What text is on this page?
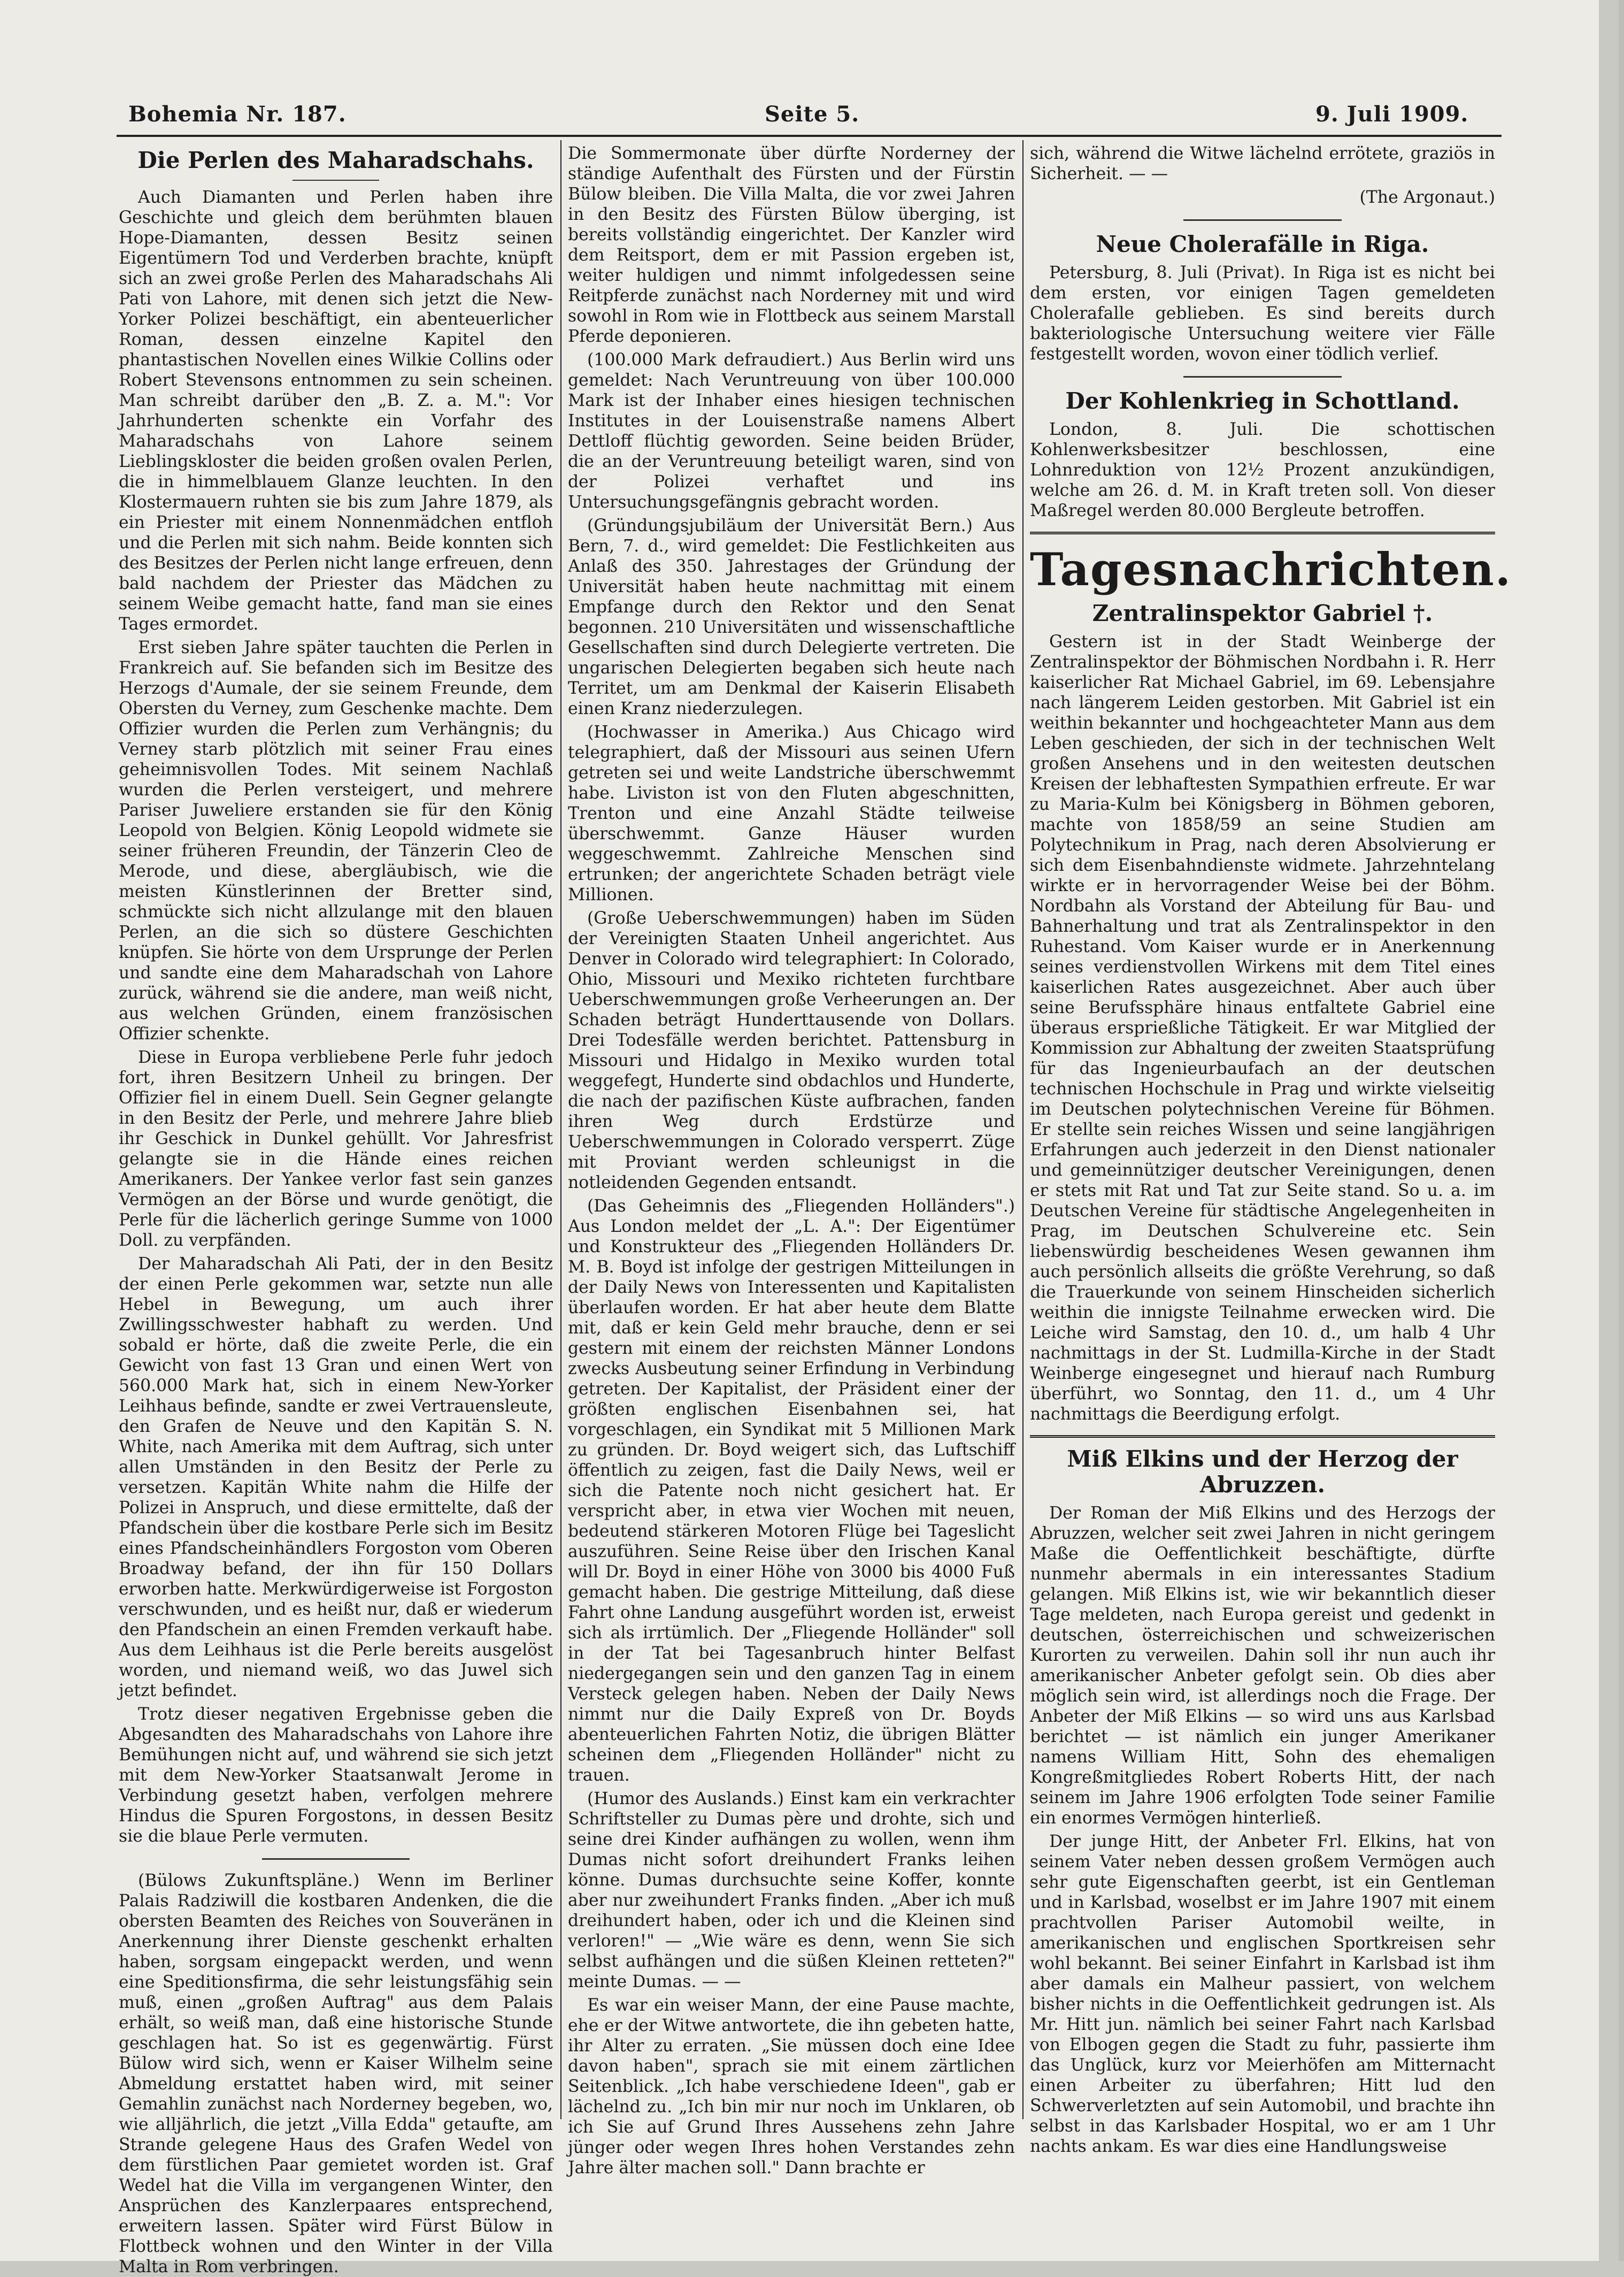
Bohemia Nr. 187.	Seite 5.	9. Juli 1909.
Die Perlen des Maharadschahs.

Auch Diamanten und Perlen haben ihre Geschichte und gleich dem berühmten blauen Hope-Diamanten, dessen Besitz seinen Eigentümern Tod und Verderben brachte, knüpft sich an zwei große Perlen des Maharadschahs Ali Pati von Lahore, mit denen sich jetzt die New-Yorker Polizei beschäftigt, ein abenteuerlicher Roman, dessen einzelne Kapitel den phantastischen Novellen eines Wilkie Collins oder Robert Stevensons entnommen zu sein scheinen. Man schreibt darüber den „B. Z. a. M.": Vor Jahrhunderten schenkte ein Vorfahr des Maharadschahs von Lahore seinem Lieblingskloster die beiden großen ovalen Perlen, die in himmelblauem Glanze leuchten. In den Klostermauern ruhten sie bis zum Jahre 1879, als ein Priester mit einem Nonnenmädchen entfloh und die Perlen mit sich nahm. Beide konnten sich des Besitzes der Perlen nicht lange erfreuen, denn bald nachdem der Priester das Mädchen zu seinem Weibe gemacht hatte, fand man sie eines Tages ermordet.

Erst sieben Jahre später tauchten die Perlen in Frankreich auf. Sie befanden sich im Besitze des Herzogs d'Aumale, der sie seinem Freunde, dem Obersten du Verney, zum Geschenke machte. Dem Offizier wurden die Perlen zum Verhängnis; du Verney starb plötzlich mit seiner Frau eines geheimnisvollen Todes. Mit seinem Nachlaß wurden die Perlen versteigert, und mehrere Pariser Juweliere erstanden sie für den König Leopold von Belgien. König Leopold widmete sie seiner früheren Freundin, der Tänzerin Cleo de Merode, und diese, abergläubisch, wie die meisten Künstlerinnen der Bretter sind, schmückte sich nicht allzulange mit den blauen Perlen, an die sich so düstere Geschichten knüpfen. Sie hörte von dem Ursprunge der Perlen und sandte eine dem Maharadschah von Lahore zurück, während sie die andere, man weiß nicht, aus welchen Gründen, einem französischen Offizier schenkte.

Diese in Europa verbliebene Perle fuhr jedoch fort, ihren Besitzern Unheil zu bringen. Der Offizier fiel in einem Duell. Sein Gegner gelangte in den Besitz der Perle, und mehrere Jahre blieb ihr Geschick in Dunkel gehüllt. Vor Jahresfrist gelangte sie in die Hände eines reichen Amerikaners. Der Yankee verlor fast sein ganzes Vermögen an der Börse und wurde genötigt, die Perle für die lächerlich geringe Summe von 1000 Doll. zu verpfänden.

Der Maharadschah Ali Pati, der in den Besitz der einen Perle gekommen war, setzte nun alle Hebel in Bewegung, um auch ihrer Zwillingsschwester habhaft zu werden. Und sobald er hörte, daß die zweite Perle, die ein Gewicht von fast 13 Gran und einen Wert von 560.000 Mark hat, sich in einem New-Yorker Leihhaus befinde, sandte er zwei Vertrauensleute, den Grafen de Neuve und den Kapitän S. N. White, nach Amerika mit dem Auftrag, sich unter allen Umständen in den Besitz der Perle zu versetzen. Kapitän White nahm die Hilfe der Polizei in Anspruch, und diese ermittelte, daß der Pfandschein über die kostbare Perle sich im Besitz eines Pfandscheinhändlers Forgoston vom Oberen Broadway befand, der ihn für 150 Dollars erworben hatte. Merkwürdigerweise ist Forgoston verschwunden, und es heißt nur, daß er wiederum den Pfandschein an einen Fremden verkauft habe. Aus dem Leihhaus ist die Perle bereits ausgelöst worden, und niemand weiß, wo das Juwel sich jetzt befindet.

Trotz dieser negativen Ergebnisse geben die Abgesandten des Maharadschahs von Lahore ihre Bemühungen nicht auf, und während sie sich jetzt mit dem New-Yorker Staatsanwalt Jerome in Verbindung gesetzt haben, verfolgen mehrere Hindus die Spuren Forgostons, in dessen Besitz sie die blaue Perle vermuten.

(Bülows Zukunftspläne.) Wenn im Berliner Palais Radziwill die kostbaren Andenken, die die obersten Beamten des Reiches von Souveränen in Anerkennung ihrer Dienste geschenkt erhalten haben, sorgsam eingepackt werden, und wenn eine Speditionsfirma, die sehr leistungsfähig sein muß, einen „großen Auftrag" aus dem Palais erhält, so weiß man, daß eine historische Stunde geschlagen hat. So ist es gegenwärtig. Fürst Bülow wird sich, wenn er Kaiser Wilhelm seine Abmeldung erstattet haben wird, mit seiner Gemahlin zunächst nach Norderney begeben, wo, wie alljährlich, die jetzt „Villa Edda" getaufte, am Strande gelegene Haus des Grafen Wedel von dem fürstlichen Paar gemietet worden ist. Graf Wedel hat die Villa im vergangenen Winter, den Ansprüchen des Kanzlerpaares entsprechend, erweitern lassen. Später wird Fürst Bülow in Flottbeck wohnen und den Winter in der Villa Malta in Rom verbringen.

Die Sommermonate über dürfte Norderney der ständige Aufenthalt des Fürsten und der Fürstin Bülow bleiben. Die Villa Malta, die vor zwei Jahren in den Besitz des Fürsten Bülow überging, ist bereits vollständig eingerichtet. Der Kanzler wird dem Reitsport, dem er mit Passion ergeben ist, weiter huldigen und nimmt infolgedessen seine Reitpferde zunächst nach Norderney mit und wird sowohl in Rom wie in Flottbeck aus seinem Marstall Pferde deponieren.

(100.000 Mark defraudiert.) Aus Berlin wird uns gemeldet: Nach Veruntreuung von über 100.000 Mark ist der Inhaber eines hiesigen technischen Institutes in der Louisenstraße namens Albert Dettloff flüchtig geworden. Seine beiden Brüder, die an der Veruntreuung beteiligt waren, sind von der Polizei verhaftet und ins Untersuchungsgefängnis gebracht worden.

(Gründungsjubiläum der Universität Bern.) Aus Bern, 7. d., wird gemeldet: Die Festlichkeiten aus Anlaß des 350. Jahrestages der Gründung der Universität haben heute nachmittag mit einem Empfange durch den Rektor und den Senat begonnen. 210 Universitäten und wissenschaftliche Gesellschaften sind durch Delegierte vertreten. Die ungarischen Delegierten begaben sich heute nach Territet, um am Denkmal der Kaiserin Elisabeth einen Kranz niederzulegen.

(Hochwasser in Amerika.) Aus Chicago wird telegraphiert, daß der Missouri aus seinen Ufern getreten sei und weite Landstriche überschwemmt habe. Liviston ist von den Fluten abgeschnitten, Trenton und eine Anzahl Städte teilweise überschwemmt. Ganze Häuser wurden weggeschwemmt. Zahlreiche Menschen sind ertrunken; der angerichtete Schaden beträgt viele Millionen.

(Große Ueberschwemmungen) haben im Süden der Vereinigten Staaten Unheil angerichtet. Aus Denver in Colorado wird telegraphiert: In Colorado, Ohio, Missouri und Mexiko richteten furchtbare Ueberschwemmungen große Verheerungen an. Der Schaden beträgt Hunderttausende von Dollars. Drei Todesfälle werden berichtet. Pattensburg in Missouri und Hidalgo in Mexiko wurden total weggefegt, Hunderte sind obdachlos und Hunderte, die nach der pazifischen Küste aufbrachen, fanden ihren Weg durch Erdstürze und Ueberschwemmungen in Colorado versperrt. Züge mit Proviant werden schleunigst in die notleidenden Gegenden entsandt.

(Das Geheimnis des „Fliegenden Holländers".) Aus London meldet der „L. A.": Der Eigentümer und Konstrukteur des „Fliegenden Holländers Dr. M. B. Boyd ist infolge der gestrigen Mitteilungen in der Daily News von Interessenten und Kapitalisten überlaufen worden. Er hat aber heute dem Blatte mit, daß er kein Geld mehr brauche, denn er sei gestern mit einem der reichsten Männer Londons zwecks Ausbeutung seiner Erfindung in Verbindung getreten. Der Kapitalist, der Präsident einer der größten englischen Eisenbahnen sei, hat vorgeschlagen, ein Syndikat mit 5 Millionen Mark zu gründen. Dr. Boyd weigert sich, das Luftschiff öffentlich zu zeigen, fast die Daily News, weil er sich die Patente noch nicht gesichert hat. Er verspricht aber, in etwa vier Wochen mit neuen, bedeutend stärkeren Motoren Flüge bei Tageslicht auszuführen. Seine Reise über den Irischen Kanal will Dr. Boyd in einer Höhe von 3000 bis 4000 Fuß gemacht haben. Die gestrige Mitteilung, daß diese Fahrt ohne Landung ausgeführt worden ist, erweist sich als irrtümlich. Der „Fliegende Holländer" soll in der Tat bei Tagesanbruch hinter Belfast niedergegangen sein und den ganzen Tag in einem Versteck gelegen haben. Neben der Daily News nimmt nur die Daily Expreß von Dr. Boyds abenteuerlichen Fahrten Notiz, die übrigen Blätter scheinen dem „Fliegenden Holländer" nicht zu trauen.

(Humor des Auslands.) Einst kam ein verkrachter Schriftsteller zu Dumas père und drohte, sich und seine drei Kinder aufhängen zu wollen, wenn ihm Dumas nicht sofort dreihundert Franks leihen könne. Dumas durchsuchte seine Koffer, konnte aber nur zweihundert Franks finden. „Aber ich muß dreihundert haben, oder ich und die Kleinen sind verloren!" — „Wie wäre es denn, wenn Sie sich selbst aufhängen und die süßen Kleinen retteten?" meinte Dumas. — —

Es war ein weiser Mann, der eine Pause machte, ehe er der Witwe antwortete, die ihn gebeten hatte, ihr Alter zu erraten. „Sie müssen doch eine Idee davon haben", sprach sie mit einem zärtlichen Seitenblick. „Ich habe verschiedene Ideen", gab er lächelnd zu. „Ich bin mir nur noch im Unklaren, ob ich Sie auf Grund Ihres Aussehens zehn Jahre jünger oder wegen Ihres hohen Verstandes zehn Jahre älter machen soll." Dann brachte er

sich, während die Witwe lächelnd errötete, graziös in Sicherheit. — —

(The Argonaut.)

Neue Cholerafälle in Riga.

Petersburg, 8. Juli (Privat). In Riga ist es nicht bei dem ersten, vor einigen Tagen gemeldeten Cholerafalle geblieben. Es sind bereits durch bakteriologische Untersuchung weitere vier Fälle festgestellt worden, wovon einer tödlich verlief.

Der Kohlenkrieg in Schottland.

London, 8. Juli. Die schottischen Kohlenwerksbesitzer beschlossen, eine Lohnreduktion von 12½ Prozent anzukündigen, welche am 26. d. M. in Kraft treten soll. Von dieser Maßregel werden 80.000 Bergleute betroffen.

Tagesnachrichten.
Zentralinspektor Gabriel †.

Gestern ist in der Stadt Weinberge der Zentralinspektor der Böhmischen Nordbahn i. R. Herr kaiserlicher Rat Michael Gabriel, im 69. Lebensjahre nach längerem Leiden gestorben. Mit Gabriel ist ein weithin bekannter und hochgeachteter Mann aus dem Leben geschieden, der sich in der technischen Welt großen Ansehens und in den weitesten deutschen Kreisen der lebhaftesten Sympathien erfreute. Er war zu Maria-Kulm bei Königsberg in Böhmen geboren, machte von 1858/59 an seine Studien am Polytechnikum in Prag, nach deren Absolvierung er sich dem Eisenbahndienste widmete. Jahrzehntelang wirkte er in hervorragender Weise bei der Böhm. Nordbahn als Vorstand der Abteilung für Bau- und Bahnerhaltung und trat als Zentralinspektor in den Ruhestand. Vom Kaiser wurde er in Anerkennung seines verdienstvollen Wirkens mit dem Titel eines kaiserlichen Rates ausgezeichnet. Aber auch über seine Berufssphäre hinaus entfaltete Gabriel eine überaus ersprießliche Tätigkeit. Er war Mitglied der Kommission zur Abhaltung der zweiten Staatsprüfung für das Ingenieurbaufach an der deutschen technischen Hochschule in Prag und wirkte vielseitig im Deutschen polytechnischen Vereine für Böhmen. Er stellte sein reiches Wissen und seine langjährigen Erfahrungen auch jederzeit in den Dienst nationaler und gemeinnütziger deutscher Vereinigungen, denen er stets mit Rat und Tat zur Seite stand. So u. a. im Deutschen Vereine für städtische Angelegenheiten in Prag, im Deutschen Schulvereine etc. Sein liebenswürdig bescheidenes Wesen gewannen ihm auch persönlich allseits die größte Verehrung, so daß die Trauerkunde von seinem Hinscheiden sicherlich weithin die innigste Teilnahme erwecken wird. Die Leiche wird Samstag, den 10. d., um halb 4 Uhr nachmittags in der St. Ludmilla-Kirche in der Stadt Weinberge eingesegnet und hierauf nach Rumburg überführt, wo Sonntag, den 11. d., um 4 Uhr nachmittags die Beerdigung erfolgt.

Miß Elkins und der Herzog der Abruzzen.

Der Roman der Miß Elkins und des Herzogs der Abruzzen, welcher seit zwei Jahren in nicht geringem Maße die Oeffentlichkeit beschäftigte, dürfte nunmehr abermals in ein interessantes Stadium gelangen. Miß Elkins ist, wie wir bekanntlich dieser Tage meldeten, nach Europa gereist und gedenkt in deutschen, österreichischen und schweizerischen Kurorten zu verweilen. Dahin soll ihr nun auch ihr amerikanischer Anbeter gefolgt sein. Ob dies aber möglich sein wird, ist allerdings noch die Frage. Der Anbeter der Miß Elkins — so wird uns aus Karlsbad berichtet — ist nämlich ein junger Amerikaner namens William Hitt, Sohn des ehemaligen Kongreßmitgliedes Robert Roberts Hitt, der nach seinem im Jahre 1906 erfolgten Tode seiner Familie ein enormes Vermögen hinterließ.

Der junge Hitt, der Anbeter Frl. Elkins, hat von seinem Vater neben dessen großem Vermögen auch sehr gute Eigenschaften geerbt, ist ein Gentleman und in Karlsbad, woselbst er im Jahre 1907 mit einem prachtvollen Pariser Automobil weilte, in amerikanischen und englischen Sportkreisen sehr wohl bekannt. Bei seiner Einfahrt in Karlsbad ist ihm aber damals ein Malheur passiert, von welchem bisher nichts in die Oeffentlichkeit gedrungen ist. Als Mr. Hitt jun. nämlich bei seiner Fahrt nach Karlsbad von Elbogen gegen die Stadt zu fuhr, passierte ihm das Unglück, kurz vor Meierhöfen am Mitternacht einen Arbeiter zu überfahren; Hitt lud den Schwerverletzten auf sein Automobil, und brachte ihn selbst in das Karlsbader Hospital, wo er am 1 Uhr nachts ankam. Es war dies eine Handlungsweise
